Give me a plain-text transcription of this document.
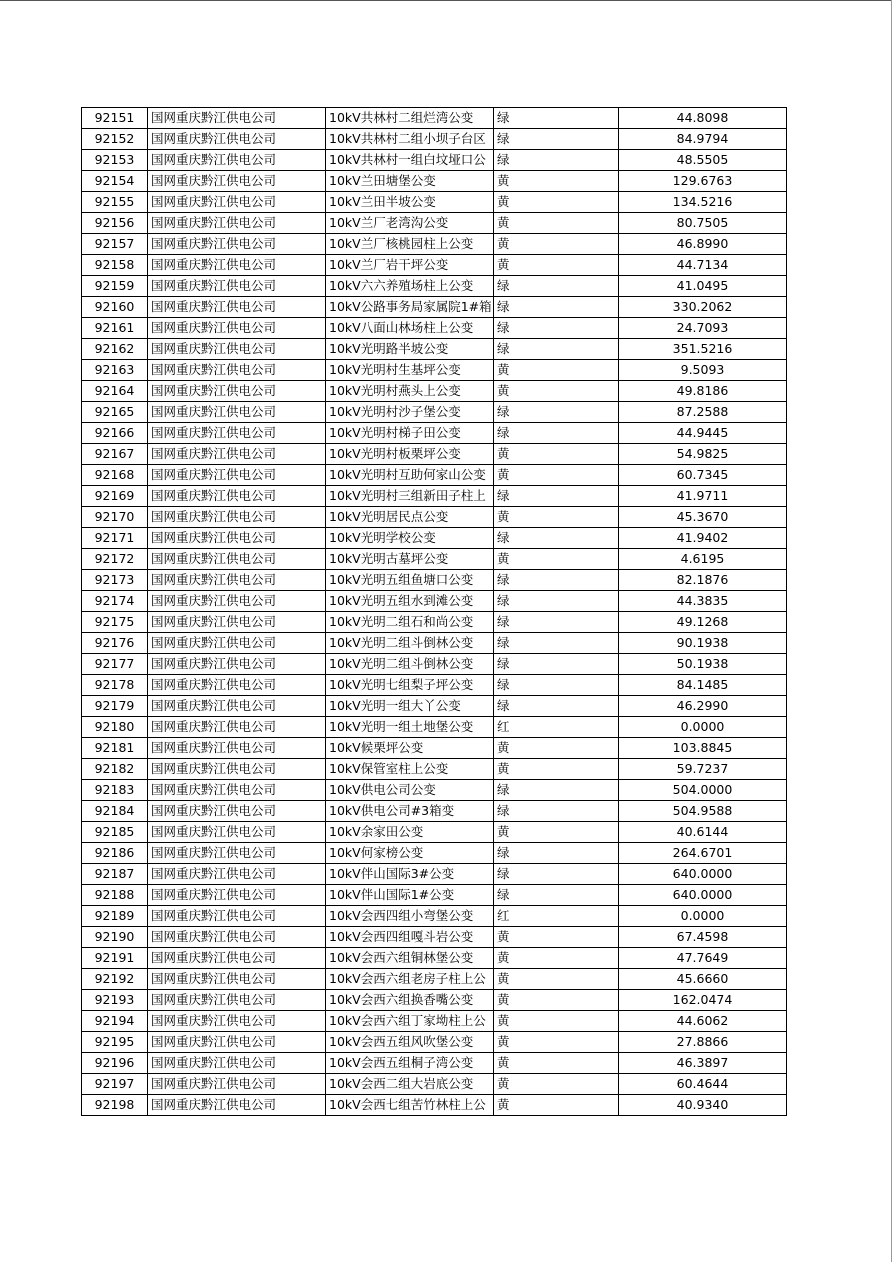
92151	国网重庆黔江供电公司	10kV共林村二组烂湾公变	绿	44.8098
92152	国网重庆黔江供电公司	10kV共林村二组小坝子台区	绿	84.9794
92153	国网重庆黔江供电公司	10kV共林村一组白坟垭口公	绿	48.5505
92154	国网重庆黔江供电公司	10kV兰田塘堡公变	黄	129.6763
92155	国网重庆黔江供电公司	10kV兰田半坡公变	黄	134.5216
92156	国网重庆黔江供电公司	10kV兰厂老湾沟公变	黄	80.7505
92157	国网重庆黔江供电公司	10kV兰厂核桃园柱上公变	黄	46.8990
92158	国网重庆黔江供电公司	10kV兰厂岩干坪公变	黄	44.7134
92159	国网重庆黔江供电公司	10kV六六养殖场柱上公变	绿	41.0495
92160	国网重庆黔江供电公司	10kV公路事务局家属院1#箱	绿	330.2062
92161	国网重庆黔江供电公司	10kV八面山林场柱上公变	绿	24.7093
92162	国网重庆黔江供电公司	10kV光明路半坡公变	绿	351.5216
92163	国网重庆黔江供电公司	10kV光明村生基坪公变	黄	9.5093
92164	国网重庆黔江供电公司	10kV光明村燕头上公变	黄	49.8186
92165	国网重庆黔江供电公司	10kV光明村沙子堡公变	绿	87.2588
92166	国网重庆黔江供电公司	10kV光明村梯子田公变	绿	44.9445
92167	国网重庆黔江供电公司	10kV光明村板栗坪公变	黄	54.9825
92168	国网重庆黔江供电公司	10kV光明村互助何家山公变	黄	60.7345
92169	国网重庆黔江供电公司	10kV光明村三组新田子柱上	绿	41.9711
92170	国网重庆黔江供电公司	10kV光明居民点公变	黄	45.3670
92171	国网重庆黔江供电公司	10kV光明学校公变	绿	41.9402
92172	国网重庆黔江供电公司	10kV光明古墓坪公变	黄	4.6195
92173	国网重庆黔江供电公司	10kV光明五组鱼塘口公变	绿	82.1876
92174	国网重庆黔江供电公司	10kV光明五组水到滩公变	绿	44.3835
92175	国网重庆黔江供电公司	10kV光明二组石和尚公变	绿	49.1268
92176	国网重庆黔江供电公司	10kV光明二组斗倒林公变	绿	90.1938
92177	国网重庆黔江供电公司	10kV光明二组斗倒林公变	绿	50.1938
92178	国网重庆黔江供电公司	10kV光明七组梨子坪公变	绿	84.1485
92179	国网重庆黔江供电公司	10kV光明一组大丫公变	绿	46.2990
92180	国网重庆黔江供电公司	10kV光明一组土地堡公变	红	0.0000
92181	国网重庆黔江供电公司	10kV候栗坪公变	黄	103.8845
92182	国网重庆黔江供电公司	10kV保管室柱上公变	黄	59.7237
92183	国网重庆黔江供电公司	10kV供电公司公变	绿	504.0000
92184	国网重庆黔江供电公司	10kV供电公司#3箱变	绿	504.9588
92185	国网重庆黔江供电公司	10kV余家田公变	黄	40.6144
92186	国网重庆黔江供电公司	10kV何家榜公变	绿	264.6701
92187	国网重庆黔江供电公司	10kV伴山国际3#公变	绿	640.0000
92188	国网重庆黔江供电公司	10kV伴山国际1#公变	绿	640.0000
92189	国网重庆黔江供电公司	10kV会西四组小弯堡公变	红	0.0000
92190	国网重庆黔江供电公司	10kV会西四组嘎斗岩公变	黄	67.4598
92191	国网重庆黔江供电公司	10kV会西六组铜林堡公变	黄	47.7649
92192	国网重庆黔江供电公司	10kV会西六组老房子柱上公	黄	45.6660
92193	国网重庆黔江供电公司	10kV会西六组换香嘴公变	黄	162.0474
92194	国网重庆黔江供电公司	10kV会西六组丁家坳柱上公	黄	44.6062
92195	国网重庆黔江供电公司	10kV会西五组风吹堡公变	黄	27.8866
92196	国网重庆黔江供电公司	10kV会西五组桐子湾公变	黄	46.3897
92197	国网重庆黔江供电公司	10kV会西二组大岩底公变	黄	60.4644
92198	国网重庆黔江供电公司	10kV会西七组苦竹林柱上公	黄	40.9340
